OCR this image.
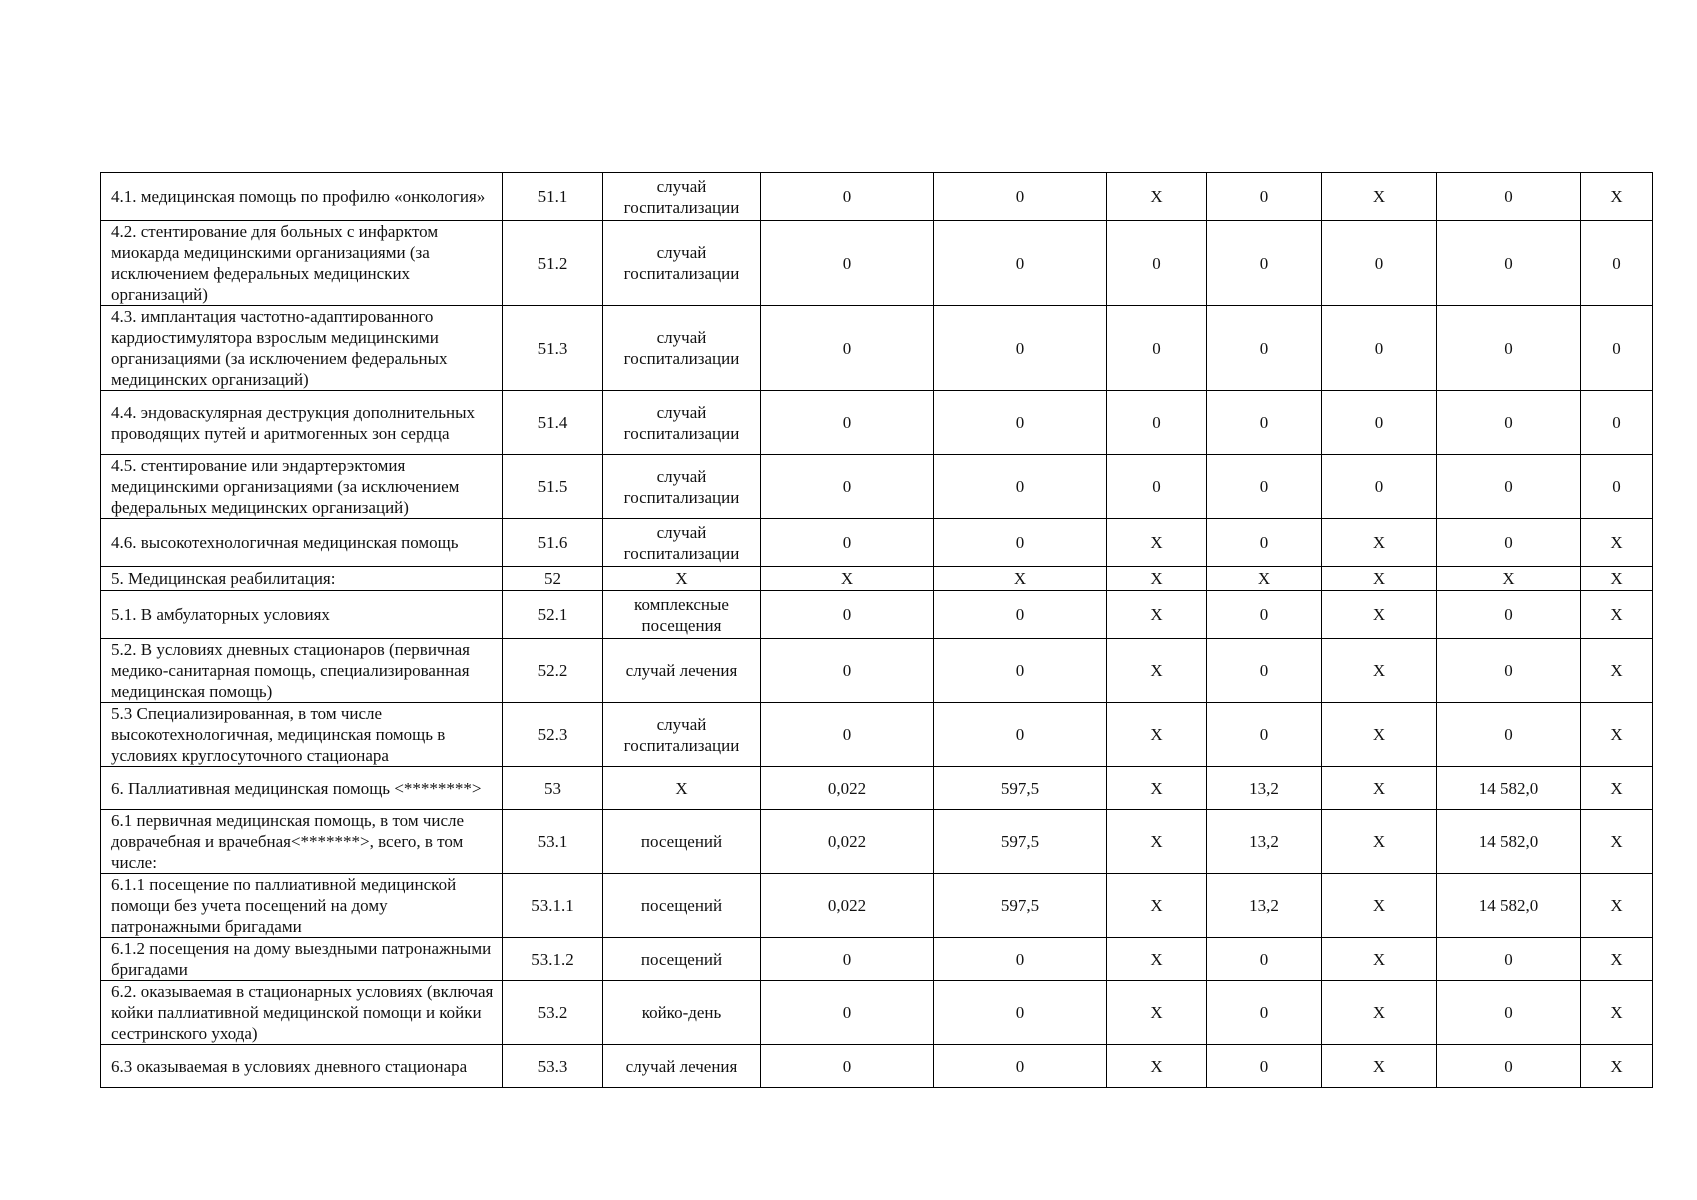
4.1. медицинская помощь по профилю «онкология»	51.1	случай госпитализации	0	0	Х	0	Х	0	Х
4.2. стентирование для больных с инфарктом миокарда медицинскими организациями (за исключением федеральных медицинских организаций)	51.2	случай госпитализации	0	0	0	0	0	0	0
4.3. имплантация частотно-адаптированного кардиостимулятора взрослым медицинскими организациями (за исключением федеральных медицинских организаций)	51.3	случай госпитализации	0	0	0	0	0	0	0
4.4. эндоваскулярная деструкция дополнительных проводящих путей и аритмогенных зон сердца	51.4	случай госпитализации	0	0	0	0	0	0	0
4.5. стентирование или эндартерэктомия медицинскими организациями (за исключением федеральных медицинских организаций)	51.5	случай госпитализации	0	0	0	0	0	0	0
4.6. высокотехнологичная медицинская помощь	51.6	случай госпитализации	0	0	Х	0	Х	0	Х
5. Медицинская реабилитация:	52	Х	Х	Х	Х	Х	Х	Х	Х
5.1. В амбулаторных условиях	52.1	комплексные посещения	0	0	Х	0	Х	0	Х
5.2. В условиях дневных стационаров (первичная медико-санитарная помощь, специализированная медицинская помощь)	52.2	случай лечения	0	0	Х	0	Х	0	Х
5.3 Специализированная, в том числе высокотехнологичная, медицинская помощь в условиях круглосуточного стационара	52.3	случай госпитализации	0	0	Х	0	Х	0	Х
6. Паллиативная медицинская помощь <********>	53	Х	0,022	597,5	Х	13,2	Х	14 582,0	Х
6.1 первичная медицинская помощь, в том числе доврачебная и врачебная<*******>, всего, в том числе:	53.1	посещений	0,022	597,5	Х	13,2	Х	14 582,0	Х
6.1.1 посещение по паллиативной медицинской помощи без учета посещений на дому патронажными бригадами	53.1.1	посещений	0,022	597,5	Х	13,2	Х	14 582,0	Х
6.1.2 посещения на дому выездными патронажными бригадами	53.1.2	посещений	0	0	Х	0	Х	0	Х
6.2. оказываемая в стационарных условиях (включая койки паллиативной медицинской помощи и койки сестринского ухода)	53.2	койко-день	0	0	Х	0	Х	0	Х
6.3 оказываемая в условиях дневного стационара	53.3	случай лечения	0	0	Х	0	Х	0	Х
